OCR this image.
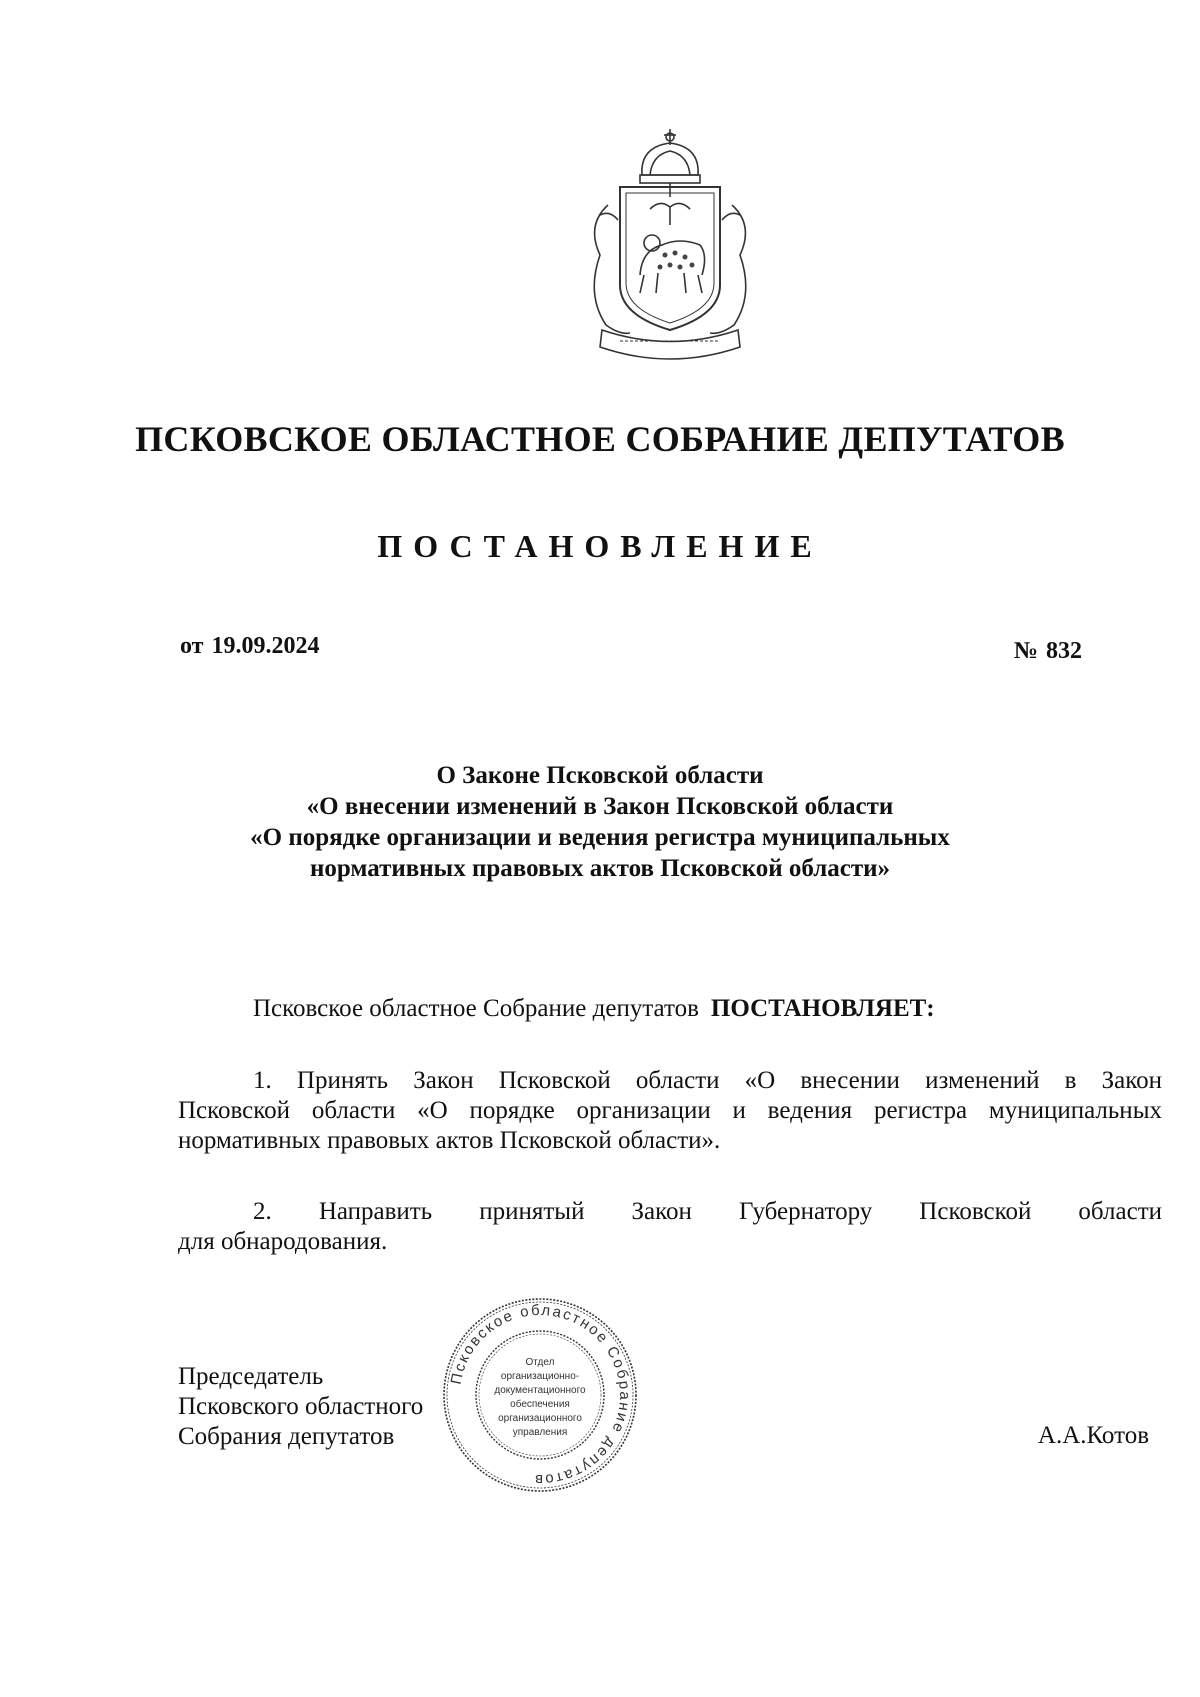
ПСКОВСКОЕ ОБЛАСТНОЕ СОБРАНИЕ ДЕПУТАТОВ
ПОСТАНОВЛЕНИЕ
от 19.09.2024	№ 832
О Законе Псковской области
«О внесении изменений в Закон Псковской области
«О порядке организации и ведения регистра муниципальных
нормативных правовых актов Псковской области»
Псковское областное Собрание депутатов ПОСТАНОВЛЯЕТ:
1. Принять Закон Псковской области «О внесении изменений в Закон
Псковской области «О порядке организации и ведения регистра муниципальных
нормативных правовых актов Псковской области».
2. Направить принятый Закон Губернатору Псковской области
для обнародования.
Председатель
Псковского областного
Собрания депутатов	А.А.Котов
Псковское областное Собрание депутатов
Отдел
организационно-
документационного
обеспечения
организационного
управления
